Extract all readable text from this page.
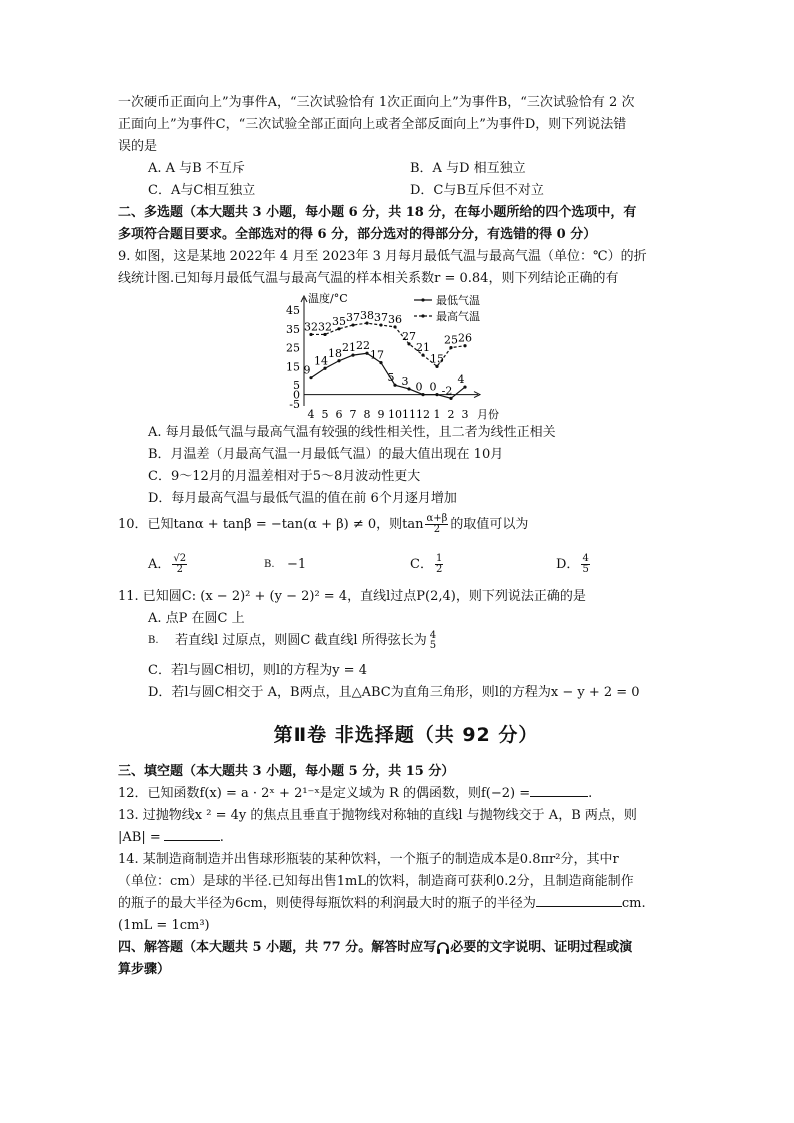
一次硬币正面向上”为事件A，“三次试验恰有 1次正面向上”为事件B，“三次试验恰有 2 次

正面向上”为事件C，“三次试验全部正面向上或者全部反面向上”为事件D，则下列说法错

误的是

A. A 与B 不互斥	B．A 与D 相互独立
C．A与C相互独立	D．C与B互斥但不对立

二、多选题（本大题共 3 小题，每小题 6 分，共 18 分，在每小题所给的四个选项中，有

多项符合题目要求。全部选对的得 6 分，部分选对的得部分分，有选错的得 0 分）

9. 如图，这是某地 2022年 4 月至 2023年 3 月每月最低气温与最高气温（单位：℃）的折

线统计图.已知每月最低气温与最高气温的样本相关系数r = 0.84，则下列结论正确的有

温度/°C
45
35
25
15
5
0
-5
4 5 6 7 8 9 10 11 12 1 2 3 月份
9
14
18 21 22
17
5 3 0 0 -2
4
32 32 35 37 38 37 36
27
21
15
25 26
最低气温
最高气温

A. 每月最低气温与最高气温有较强的线性相关性，且二者为线性正相关

B．月温差（月最高气温一月最低气温）的最大值出现在 10月

C．9～12月的月温差相对于5～8月波动性更大

D．每月最高气温与最低气温的值在前 6个月逐月增加

10．已知tanα + tanβ = −tan(α + β) ≠ 0，则$\tan \frac{\alpha+\beta}{2}$ 的取值可以为

A． $\frac{√2}{2}$	$^{B.}$ −1	C． $\frac{1}{2}$	D． $\frac{4}{5}$

11. 已知圆C: (x − 2)² + (y − 2)² = 4，直线l过点P(2,4)，则下列说法正确的是

A. 点P 在圆C 上

$^{B.}$ 若直线l 过原点，则圆C 截直线l 所得弦长为 4
5

C．若l与圆C相切，则l的方程为y = 4

D．若l与圆C相交于 A，B两点，且△ABC为直角三角形，则l的方程为x − y + 2 = 0

第Ⅱ卷 非选择题（共 92 分）

三、填空题（本大题共 3 小题，每小题 5 分，共 15 分）

12．已知函数f(x) = a · 2ˣ + 2¹⁻ˣ是定义域为 R 的偶函数，则f(−2) =	.

13. 过抛物线x ² = 4y 的焦点且垂直于抛物线对称轴的直线l 与抛物线交于 A，B 两点，则

|AB| =	.

14. 某制造商制造并出售球形瓶装的某种饮料，一个瓶子的制造成本是0.8πr²分，其中r

（单位：cm）是球的半径.已知每出售1mL的饮料，制造商可获利0.2分，且制造商能制作

的瓶子的最大半径为6cm，则使得每瓶饮料的利润最大时的瓶子的半径为	cm.

(1mL = 1cm³)

四、解答题（本大题共 5 小题，共 77 分。解答时应写 必要的文字说明、证明过程或演

算步骤）
